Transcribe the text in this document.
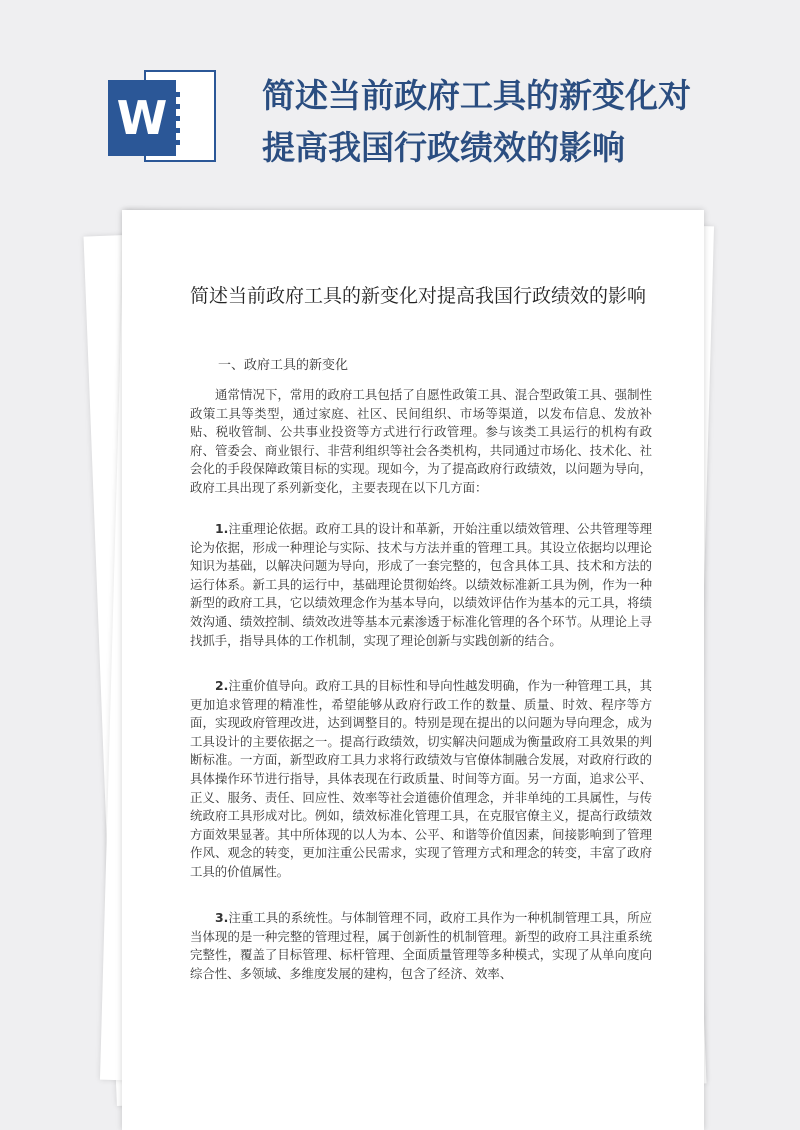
W	简述当前政府工具的新变化对提高我国行政绩效的影响
简述当前政府工具的新变化对提高我国行政绩效的影响

一、政府工具的新变化

通常情况下，常用的政府工具包括了自愿性政策工具、混合型政策工具、强制性政策工具等类型，通过家庭、社区、民间组织、市场等渠道，以发布信息、发放补贴、税收管制、公共事业投资等方式进行行政管理。参与该类工具运行的机构有政府、管委会、商业银行、非营利组织等社会各类机构，共同通过市场化、技术化、社会化的手段保障政策目标的实现。现如今，为了提高政府行政绩效，以问题为导向，政府工具出现了系列新变化，主要表现在以下几方面：

1.注重理论依据。政府工具的设计和革新，开始注重以绩效管理、公共管理等理论为依据，形成一种理论与实际、技术与方法并重的管理工具。其设立依据均以理论知识为基础，以解决问题为导向，形成了一套完整的，包含具体工具、技术和方法的运行体系。新工具的运行中，基础理论贯彻始终。以绩效标准新工具为例，作为一种新型的政府工具，它以绩效理念作为基本导向，以绩效评估作为基本的元工具，将绩效沟通、绩效控制、绩效改进等基本元素渗透于标准化管理的各个环节。从理论上寻找抓手，指导具体的工作机制，实现了理论创新与实践创新的结合。

2.注重价值导向。政府工具的目标性和导向性越发明确，作为一种管理工具，其更加追求管理的精准性，希望能够从政府行政工作的数量、质量、时效、程序等方面，实现政府管理改进，达到调整目的。特别是现在提出的以问题为导向理念，成为工具设计的主要依据之一。提高行政绩效，切实解决问题成为衡量政府工具效果的判断标准。一方面，新型政府工具力求将行政绩效与官僚体制融合发展，对政府行政的具体操作环节进行指导，具体表现在行政质量、时间等方面。另一方面，追求公平、正义、服务、责任、回应性、效率等社会道德价值理念，并非单纯的工具属性，与传统政府工具形成对比。例如，绩效标准化管理工具，在克服官僚主义，提高行政绩效方面效果显著。其中所体现的以人为本、公平、和谐等价值因素，间接影响到了管理作风、观念的转变，更加注重公民需求，实现了管理方式和理念的转变，丰富了政府工具的价值属性。

3.注重工具的系统性。与体制管理不同，政府工具作为一种机制管理工具，所应当体现的是一种完整的管理过程，属于创新性的机制管理。新型的政府工具注重系统完整性，覆盖了目标管理、标杆管理、全面质量管理等多种模式，实现了从单向度向综合性、多领域、多维度发展的建构，包含了经济、效率、
